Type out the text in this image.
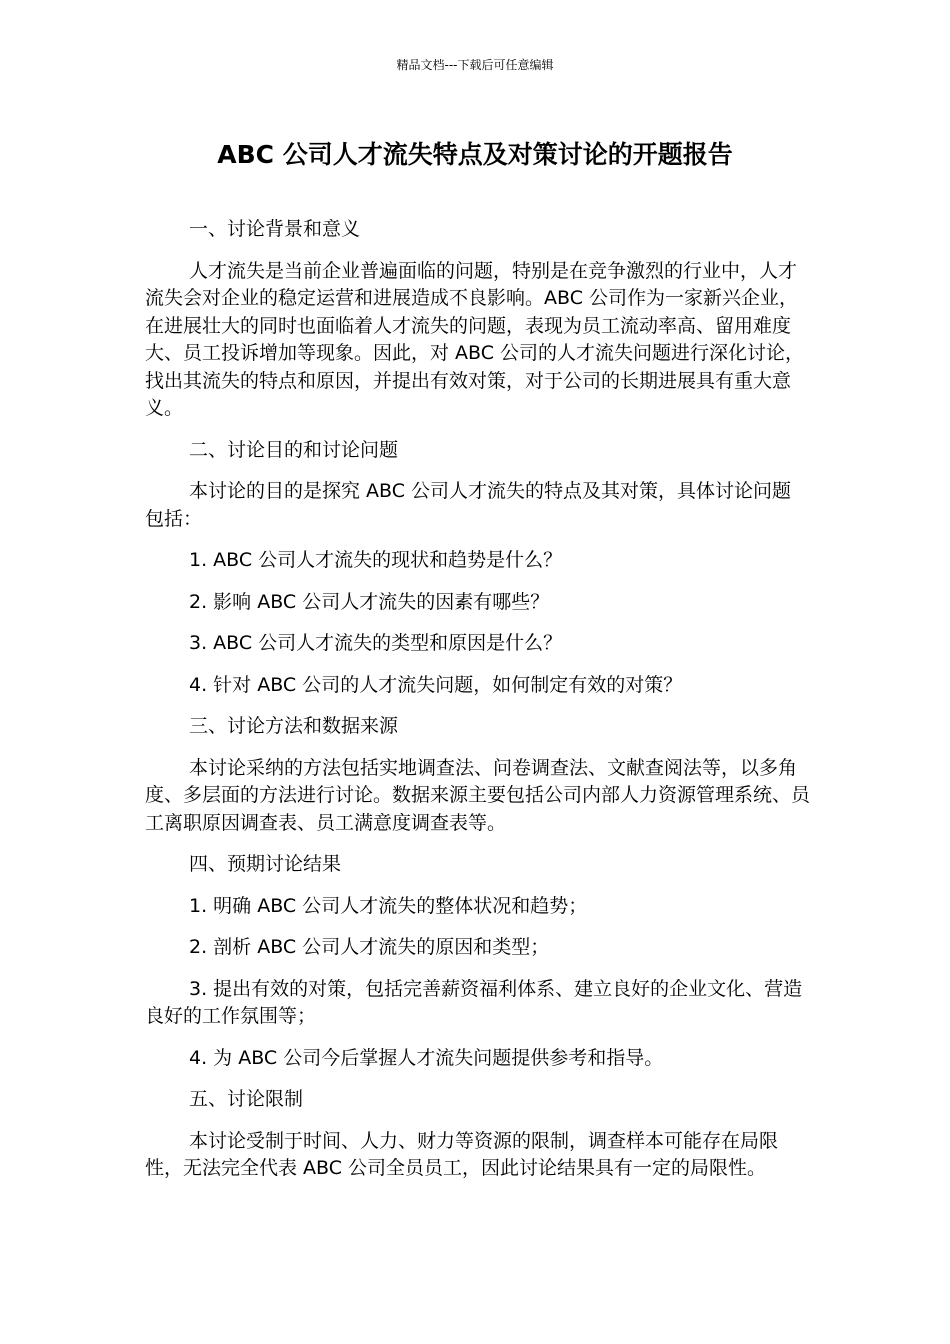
精品文档---下载后可任意编辑
ABC 公司人才流失特点及对策讨论的开题报告

一、讨论背景和意义

人才流失是当前企业普遍面临的问题，特别是在竞争激烈的行业中，人才流失会对企业的稳定运营和进展造成不良影响。ABC 公司作为一家新兴企业，在进展壮大的同时也面临着人才流失的问题，表现为员工流动率高、留用难度大、员工投诉增加等现象。因此，对 ABC 公司的人才流失问题进行深化讨论，找出其流失的特点和原因，并提出有效对策，对于公司的长期进展具有重大意义。

二、讨论目的和讨论问题

本讨论的目的是探究 ABC 公司人才流失的特点及其对策，具体讨论问题包括：

1. ABC 公司人才流失的现状和趋势是什么？

2. 影响 ABC 公司人才流失的因素有哪些？

3. ABC 公司人才流失的类型和原因是什么？

4. 针对 ABC 公司的人才流失问题，如何制定有效的对策？

三、讨论方法和数据来源

本讨论采纳的方法包括实地调查法、问卷调查法、文献查阅法等，以多角度、多层面的方法进行讨论。数据来源主要包括公司内部人力资源管理系统、员工离职原因调查表、员工满意度调查表等。

四、预期讨论结果

1. 明确 ABC 公司人才流失的整体状况和趋势；

2. 剖析 ABC 公司人才流失的原因和类型；

3. 提出有效的对策，包括完善薪资福利体系、建立良好的企业文化、营造良好的工作氛围等；

4. 为 ABC 公司今后掌握人才流失问题提供参考和指导。

五、讨论限制

本讨论受制于时间、人力、财力等资源的限制，调查样本可能存在局限性，无法完全代表 ABC 公司全员员工，因此讨论结果具有一定的局限性。
